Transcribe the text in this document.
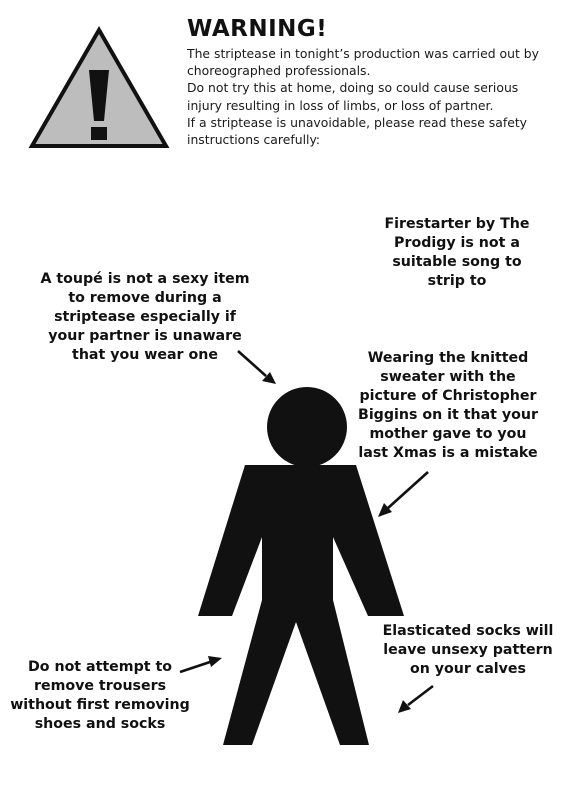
WARNING!

The striptease in tonight’s production was carried out by choreographed professionals.

Do not try this at home, doing so could cause serious injury resulting in loss of limbs, or loss of partner.

If a striptease is unavoidable, please read these safety instructions carefully:

Firestarter by The Prodigy is not a suitable song to strip to
A toupé is not a sexy item to remove during a striptease especially if your partner is unaware that you wear one	Wearing the knitted sweater with the picture of Christopher Biggins on it that your mother gave to you last Xmas is a mistake
Elasticated socks will leave unsexy pattern on your calves
Do not attempt to remove trousers without first removing shoes and socks
